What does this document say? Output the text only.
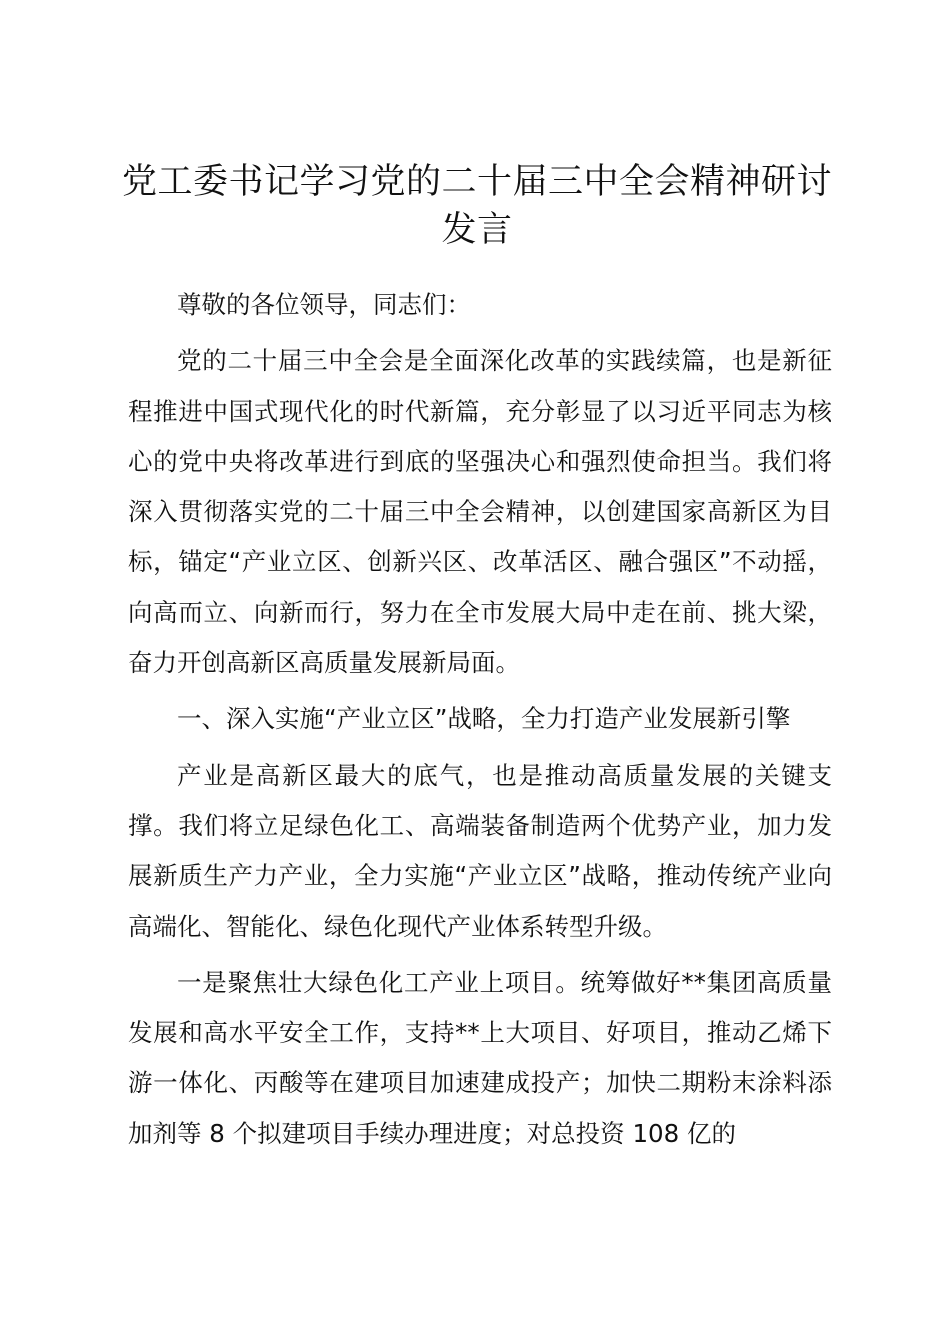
党工委书记学习党的二十届三中全会精神研讨发言

尊敬的各位领导，同志们：

党的二十届三中全会是全面深化改革的实践续篇，也是新征程推进中国式现代化的时代新篇，充分彰显了以习近平同志为核心的党中央将改革进行到底的坚强决心和强烈使命担当。我们将深入贯彻落实党的二十届三中全会精神，以创建国家高新区为目标，锚定“产业立区、创新兴区、改革活区、融合强区”不动摇，向高而立、向新而行，努力在全市发展大局中走在前、挑大梁，奋力开创高新区高质量发展新局面。

一、深入实施“产业立区”战略，全力打造产业发展新引擎

产业是高新区最大的底气，也是推动高质量发展的关键支撑。我们将立足绿色化工、高端装备制造两个优势产业，加力发展新质生产力产业，全力实施“产业立区”战略，推动传统产业向高端化、智能化、绿色化现代产业体系转型升级。

一是聚焦壮大绿色化工产业上项目。统筹做好**集团高质量发展和高水平安全工作，支持**上大项目、好项目，推动乙烯下游一体化、丙酸等在建项目加速建成投产；加快二期粉末涂料添加剂等 8 个拟建项目手续办理进度；对总投资 108 亿的
